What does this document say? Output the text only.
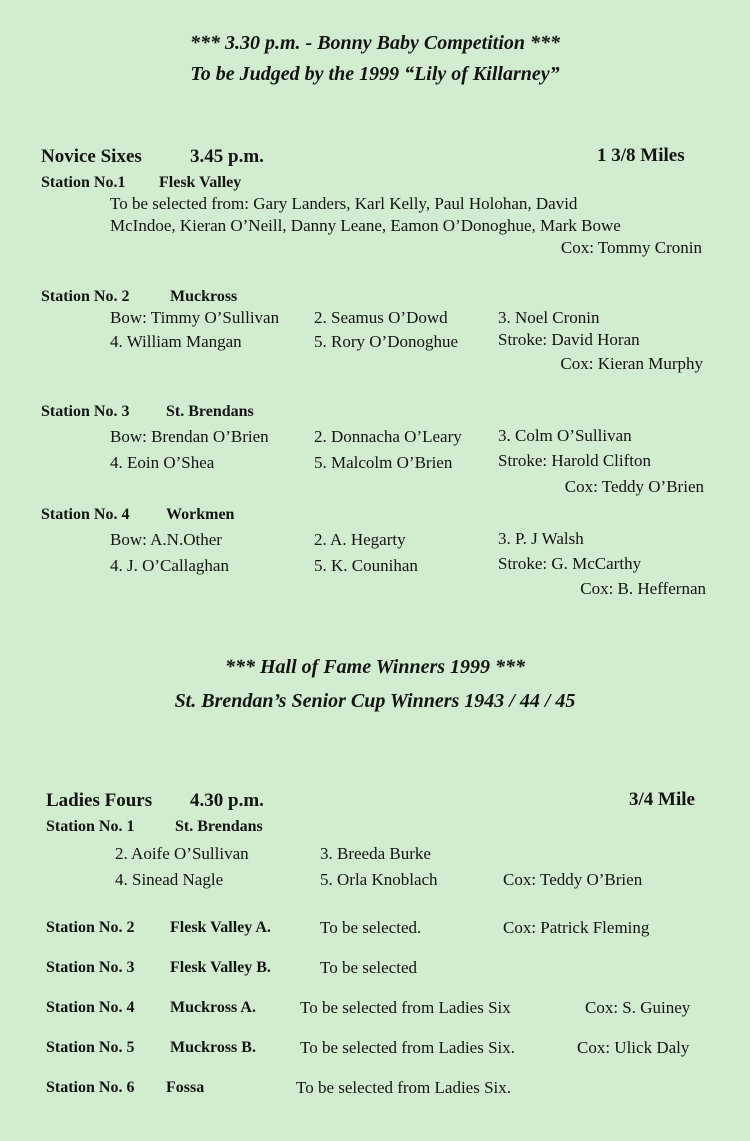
*** 3.30 p.m. - Bonny Baby Competition ***
To be Judged by the 1999 “Lily of Killarney”
Novice Sixes	3.45 p.m.	1 3/8 Miles
Station No.1 Flesk Valley
To be selected from: Gary Landers, Karl Kelly, Paul Holohan, David
McIndoe, Kieran O’Neill, Danny Leane, Eamon O’Donoghue, Mark Bowe
Cox: Tommy Cronin
Station No. 2	Muckross
Bow: Timmy O’Sullivan 2. Seamus O’Dowd	3. Noel Cronin
4. William Mangan	5. Rory O’Donoghue Stroke: David Horan
Cox: Kieran Murphy
Station No. 3 St. Brendans
Bow: Brendan O’Brien	2. Donnacha O’Leary 3. Colm O’Sullivan
4. Eoin O’Shea	5. Malcolm O’Brien	Stroke: Harold Clifton
Cox: Teddy O’Brien
Station No. 4 Workmen
Bow: A.N.Other	2. A. Hegarty	3. P. J Walsh
4. J. O’Callaghan	5. K. Counihan	Stroke: G. McCarthy
Cox: B. Heffernan
*** Hall of Fame Winners 1999 ***
St. Brendan’s Senior Cup Winners 1943 / 44 / 45
Ladies Fours 4.30 p.m.	3/4 Mile
Station No. 1	St. Brendans
2. Aoife O’Sullivan	3. Breeda Burke
4. Sinead Nagle	5. Orla Knoblach	Cox: Teddy O’Brien
Station No. 2 Flesk Valley A.	To be selected.	Cox: Patrick Fleming
Station No. 3 Flesk Valley B.	To be selected
Station No. 4 Muckross A.	To be selected from Ladies Six	Cox: S. Guiney
Station No. 5 Muckross B.	To be selected from Ladies Six.	Cox: Ulick Daly
Station No. 6 Fossa	To be selected from Ladies Six.
